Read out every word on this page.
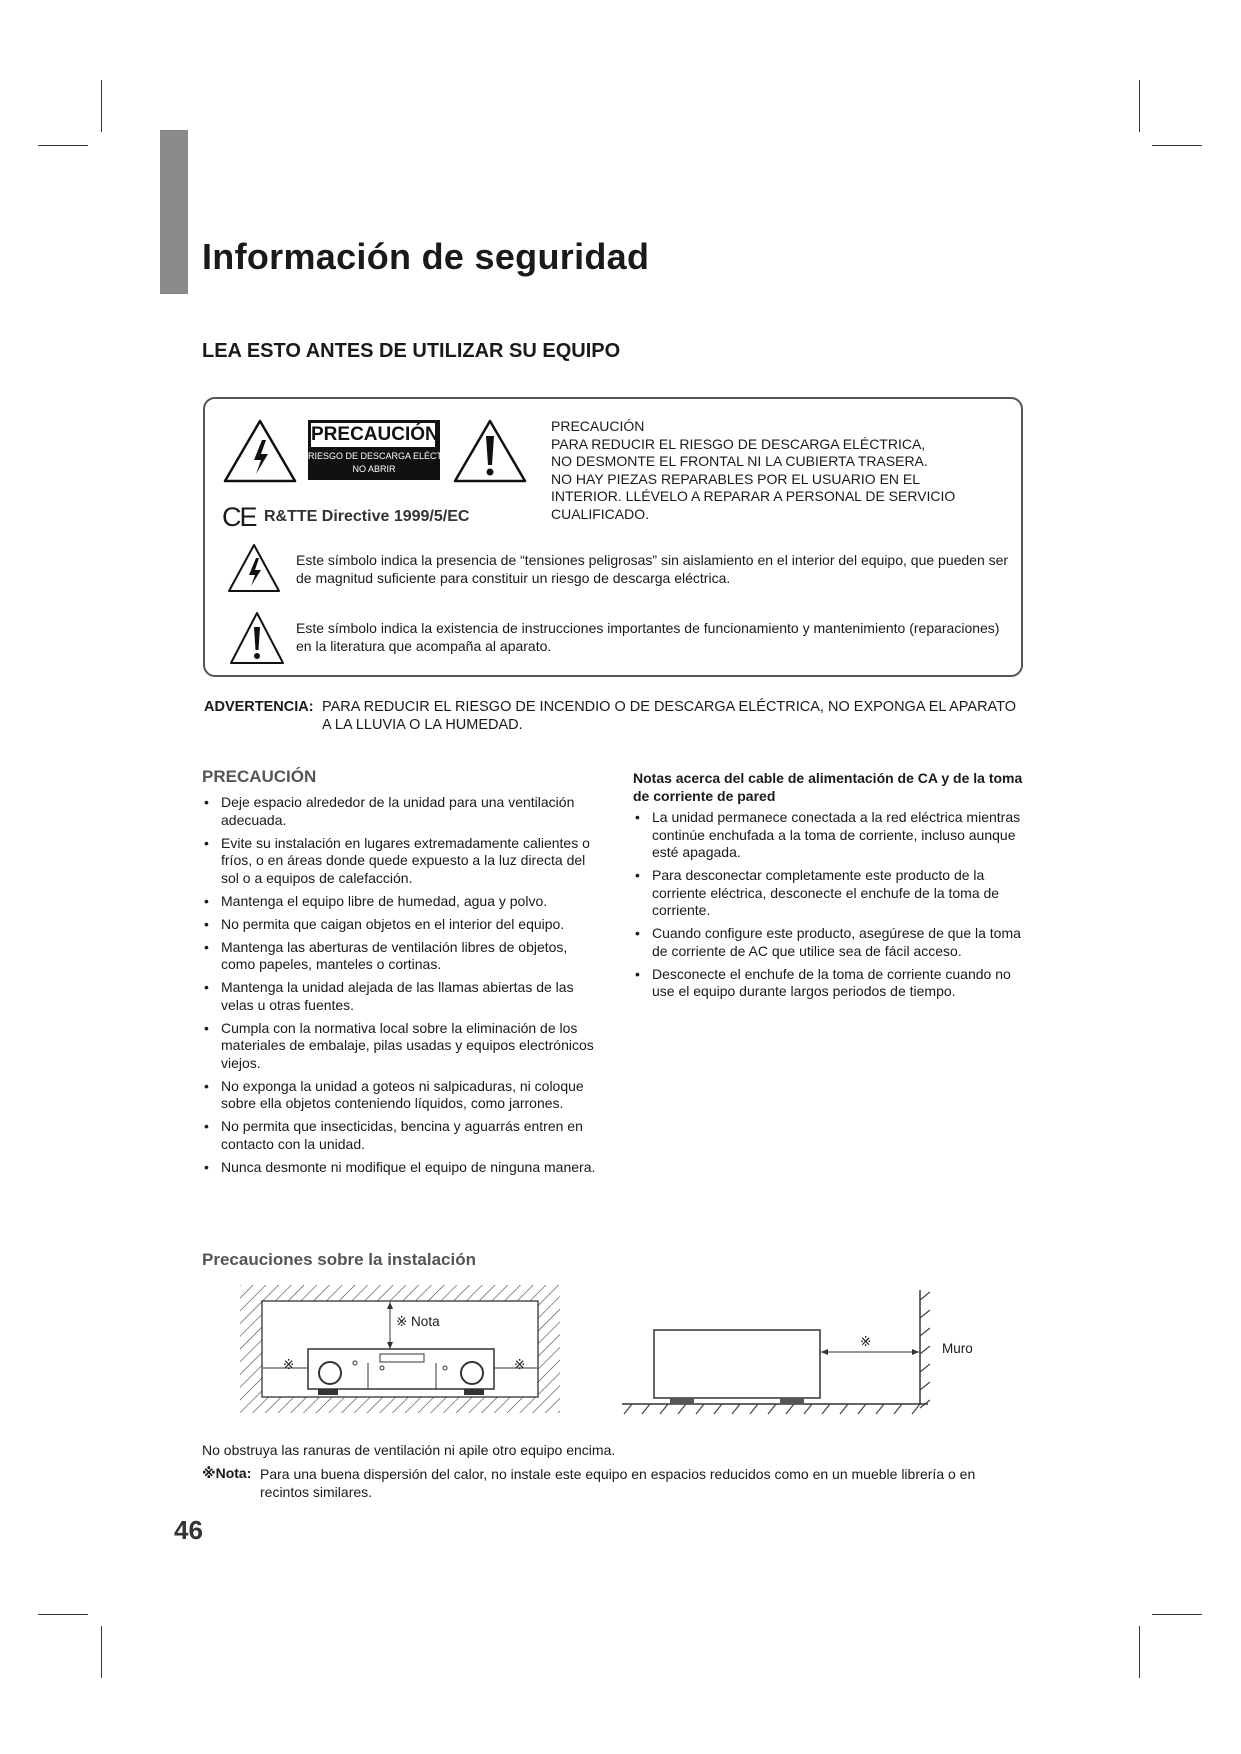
Información de seguridad
LEA ESTO ANTES DE UTILIZAR SU EQUIPO
PRECAUCIÓN
RIESGO DE DESCARGA ELÉCTRICA
NO ABRIR
CE R&TTE Directive 1999/5/EC
PRECAUCIÓN
PARA REDUCIR EL RIESGO DE DESCARGA ELÉCTRICA,
NO DESMONTE EL FRONTAL NI LA CUBIERTA TRASERA.
NO HAY PIEZAS REPARABLES POR EL USUARIO EN EL
INTERIOR. LLÉVELO A REPARAR A PERSONAL DE SERVICIO
CUALIFICADO.
Este símbolo indica la presencia de “tensiones peligrosas” sin aislamiento en el interior del equipo, que pueden ser de magnitud suficiente para constituir un riesgo de descarga eléctrica.
Este símbolo indica la existencia de instrucciones importantes de funcionamiento y mantenimiento (reparaciones) en la literatura que acompaña al aparato.
ADVERTENCIA: PARA REDUCIR EL RIESGO DE INCENDIO O DE DESCARGA ELÉCTRICA, NO EXPONGA EL APARATO A LA LLUVIA O LA HUMEDAD.
PRECAUCIÓN
• Deje espacio alrededor de la unidad para una ventilación adecuada.
• Evite su instalación en lugares extremadamente calientes o fríos, o en áreas donde quede expuesto a la luz directa del sol o a equipos de calefacción.
• Mantenga el equipo libre de humedad, agua y polvo.
• No permita que caigan objetos en el interior del equipo.
• Mantenga las aberturas de ventilación libres de objetos, como papeles, manteles o cortinas.
• Mantenga la unidad alejada de las llamas abiertas de las velas u otras fuentes.
• Cumpla con la normativa local sobre la eliminación de los materiales de embalaje, pilas usadas y equipos electrónicos viejos.
• No exponga la unidad a goteos ni salpicaduras, ni coloque sobre ella objetos conteniendo líquidos, como jarrones.
• No permita que insecticidas, bencina y aguarrás entren en contacto con la unidad.
• Nunca desmonte ni modifique el equipo de ninguna manera.
Notas acerca del cable de alimentación de CA y de la toma de corriente de pared
• La unidad permanece conectada a la red eléctrica mientras continúe enchufada a la toma de corriente, incluso aunque esté apagada.
• Para desconectar completamente este producto de la corriente eléctrica, desconecte el enchufe de la toma de corriente.
• Cuando configure este producto, asegúrese de que la toma de corriente de AC que utilice sea de fácil acceso.
• Desconecte el enchufe de la toma de corriente cuando no use el equipo durante largos periodos de tiempo.
Precauciones sobre la instalación
※ Nota
※	※
※	Muro
No obstruya las ranuras de ventilación ni apile otro equipo encima.
※Nota: Para una buena dispersión del calor, no instale este equipo en espacios reducidos como en un mueble librería o en recintos similares.
46
